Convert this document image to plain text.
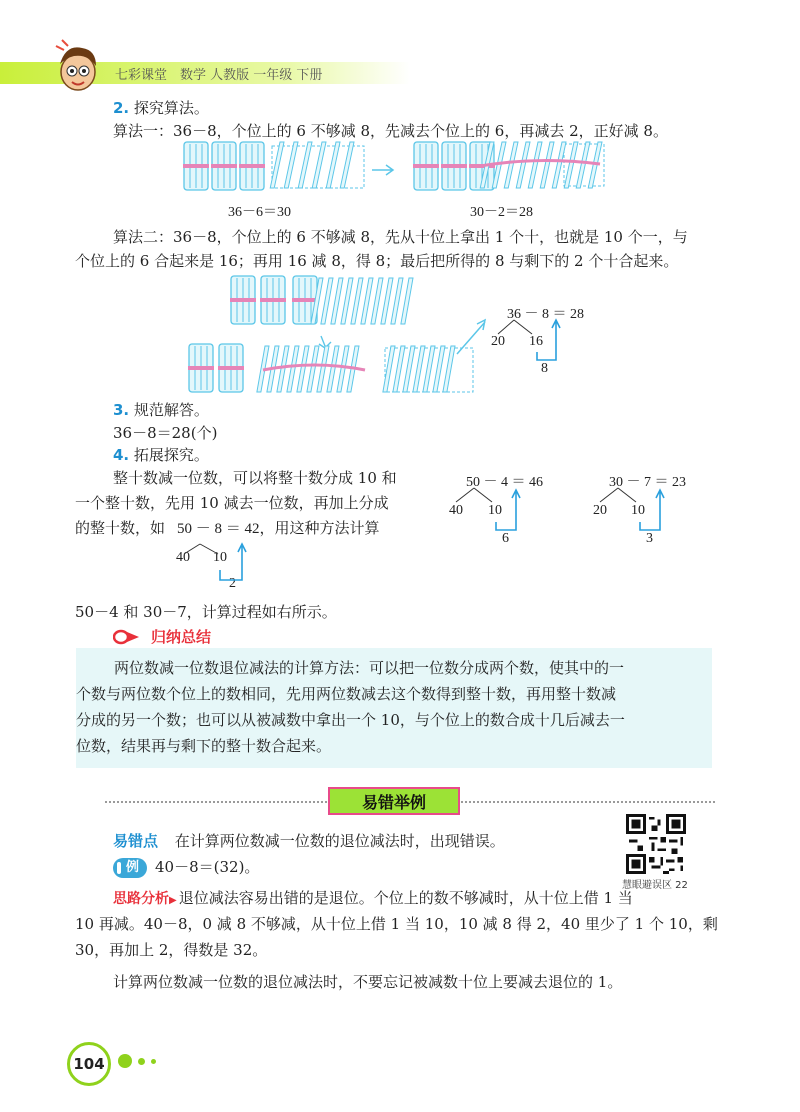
七彩课堂　数学 人教版 一年级 下册
2. 探究算法。
算法一：36－8，个位上的 6 不够减 8，先减去个位上的 6，再减去 2，正好减 8。
36－6＝30	30－2＝28
算法二：36－8，个位上的 6 不够减 8，先从十位上拿出 1 个十，也就是 10 个一，与
个位上的 6 合起来是 16；再用 16 减 8，得 8；最后把所得的 8 与剩下的 2 个十合起来。
36 － 8 ＝ 28
20 16
8
3. 规范解答。
36－8＝28(个)
4. 拓展探究。
整十数减一位数，可以将整十数分成 10 和
一个整十数，先用 10 减去一位数，再加上分成
的整十数，如 50 － 8 ＝ 42，用这种方法计算
40 10
2
50－4 和 30－7，计算过程如右所示。
50 － 4 ＝ 46
40 10
6
30 － 7 ＝ 23
20 10
3
归纳总结
两位数减一位数退位减法的计算方法：可以把一位数分成两个数，使其中的一
个数与两位数个位上的数相同，先用两位数减去这个数得到整十数，再用整十数减
分成的另一个数；也可以从被减数中拿出一个 10，与个位上的数合成十几后减去一
位数，结果再与剩下的整十数合起来。
易错举例
易错点 在计算两位数减一位数的退位减法时，出现错误。
例 40－8＝(32)。
慧眼避误区 22
思路分析▶ 退位减法容易出错的是退位。个位上的数不够减时，从十位上借 1 当
10 再减。40－8，0 减 8 不够减，从十位上借 1 当 10，10 减 8 得 2，40 里少了 1 个 10，剩
30，再加上 2，得数是 32。
计算两位数减一位数的退位减法时，不要忘记被减数十位上要减去退位的 1。
104
